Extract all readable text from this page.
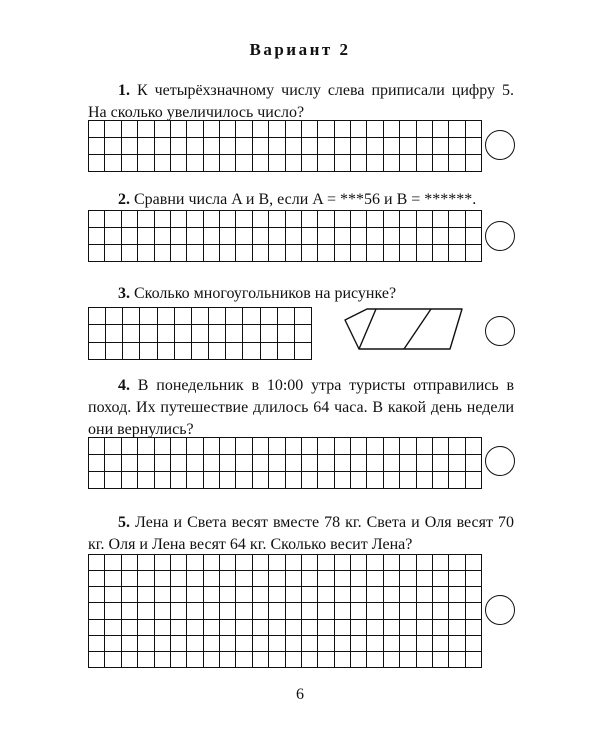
Вариант 2
1. К четырёхзначному числу слева приписали цифру 5. На сколько увеличилось число?
2. Сравни числа A и B, если A = ***56 и B = ******.
3. Сколько многоугольников на рисунке?
4. В понедельник в 10:00 утра туристы отправились в поход. Их путешествие длилось 64 часа. В какой день недели они вернулись?
5. Лена и Света весят вместе 78 кг. Света и Оля весят 70 кг. Оля и Лена весят 64 кг. Сколько весит Лена?
6
